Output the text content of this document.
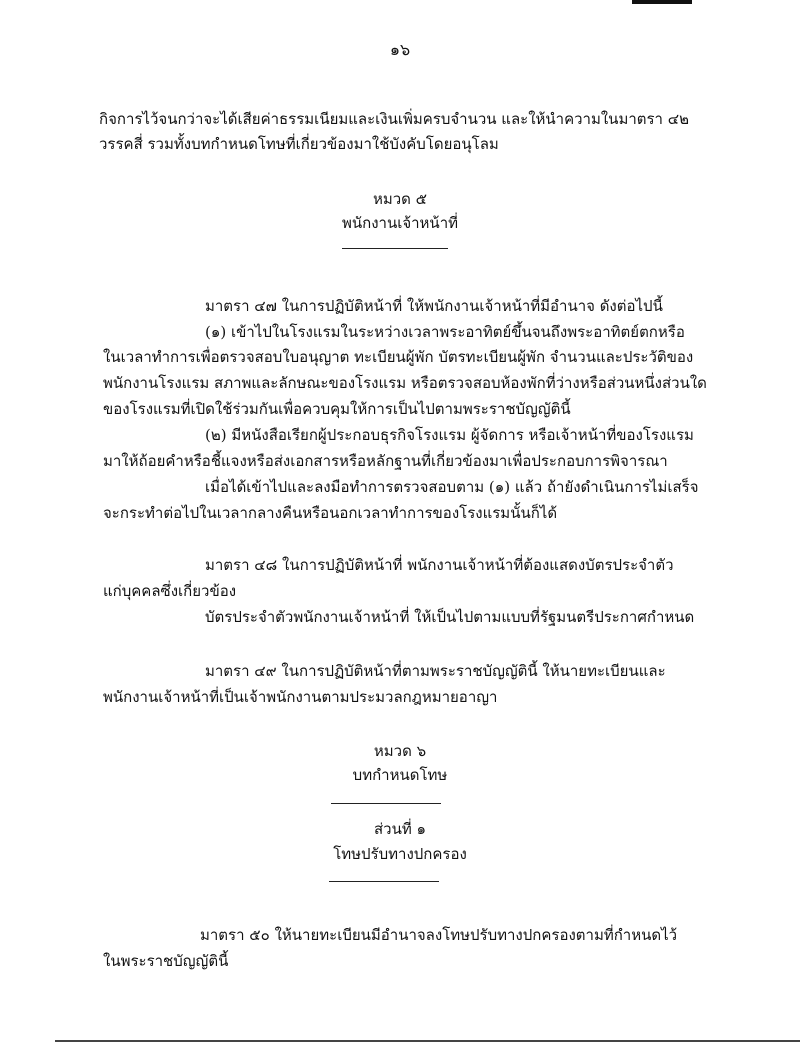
๑๖
กิจการไว้จนกว่าจะได้เสียค่าธรรมเนียมและเงินเพิ่มครบจำนวน และให้นำความในมาตรา ๔๒
วรรคสี่ รวมทั้งบทกำหนดโทษที่เกี่ยวข้องมาใช้บังคับโดยอนุโลม
หมวด ๕
พนักงานเจ้าหน้าที่
มาตรา ๔๗ ในการปฏิบัติหน้าที่ ให้พนักงานเจ้าหน้าที่มีอำนาจ ดังต่อไปนี้
(๑) เข้าไปในโรงแรมในระหว่างเวลาพระอาทิตย์ขึ้นจนถึงพระอาทิตย์ตกหรือ
ในเวลาทำการเพื่อตรวจสอบใบอนุญาต ทะเบียนผู้พัก บัตรทะเบียนผู้พัก จำนวนและประวัติของ
พนักงานโรงแรม สภาพและลักษณะของโรงแรม หรือตรวจสอบห้องพักที่ว่างหรือส่วนหนึ่งส่วนใด
ของโรงแรมที่เปิดใช้ร่วมกันเพื่อควบคุมให้การเป็นไปตามพระราชบัญญัตินี้
(๒) มีหนังสือเรียกผู้ประกอบธุรกิจโรงแรม ผู้จัดการ หรือเจ้าหน้าที่ของโรงแรม
มาให้ถ้อยคำหรือชี้แจงหรือส่งเอกสารหรือหลักฐานที่เกี่ยวข้องมาเพื่อประกอบการพิจารณา
เมื่อได้เข้าไปและลงมือทำการตรวจสอบตาม (๑) แล้ว ถ้ายังดำเนินการไม่เสร็จ
จะกระทำต่อไปในเวลากลางคืนหรือนอกเวลาทำการของโรงแรมนั้นก็ได้
มาตรา ๔๘ ในการปฏิบัติหน้าที่ พนักงานเจ้าหน้าที่ต้องแสดงบัตรประจำตัว
แก่บุคคลซึ่งเกี่ยวข้อง
บัตรประจำตัวพนักงานเจ้าหน้าที่ ให้เป็นไปตามแบบที่รัฐมนตรีประกาศกำหนด
มาตรา ๔๙ ในการปฏิบัติหน้าที่ตามพระราชบัญญัตินี้ ให้นายทะเบียนและ
พนักงานเจ้าหน้าที่เป็นเจ้าพนักงานตามประมวลกฎหมายอาญา
หมวด ๖
บทกำหนดโทษ
ส่วนที่ ๑
โทษปรับทางปกครอง
มาตรา ๕๐ ให้นายทะเบียนมีอำนาจลงโทษปรับทางปกครองตามที่กำหนดไว้
ในพระราชบัญญัตินี้
